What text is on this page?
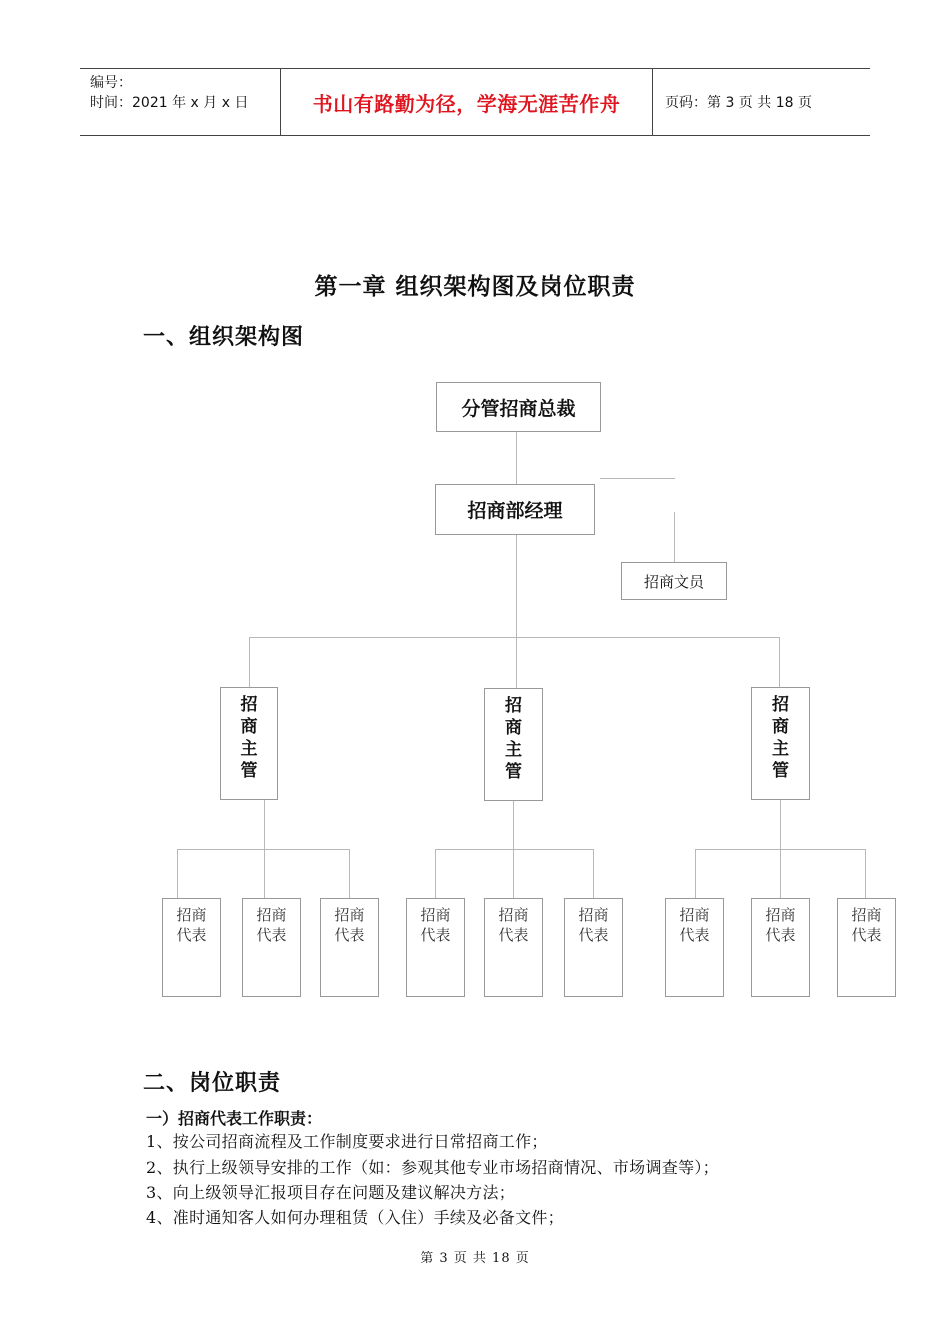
编号：
时间：2021 年 x 月 x 日	书山有路勤为径，学海无涯苦作舟	页码：第 3 页 共 18 页
第一章 组织架构图及岗位职责
一、组织架构图
分管招商总裁
招商部经理
招商文员
招商主管
招商主管
招商主管
招商代表
招商代表
招商代表
招商代表
招商代表
招商代表
招商代表
招商代表
招商代表
二、岗位职责
一）招商代表工作职责：
1、按公司招商流程及工作制度要求进行日常招商工作；
2、执行上级领导安排的工作（如：参观其他专业市场招商情况、市场调查等）；
3、向上级领导汇报项目存在问题及建议解决方法；
4、准时通知客人如何办理租赁（入住）手续及必备文件；
第 3 页 共 18 页
